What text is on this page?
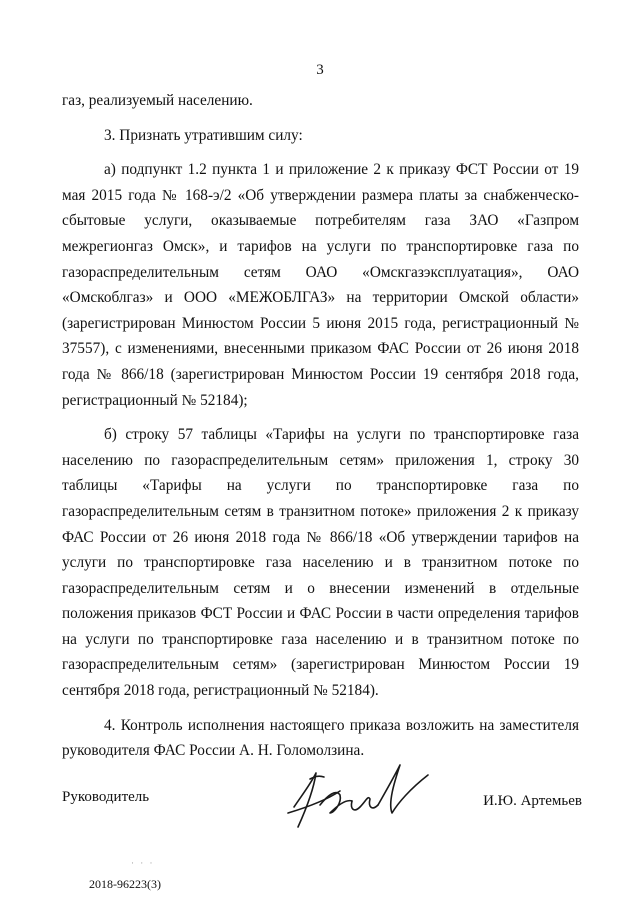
3

газ, реализуемый населению.

3. Признать утратившим силу:

а) подпункт 1.2 пункта 1 и приложение 2 к приказу ФСТ России от 19 мая 2015 года № 168-э/2 «Об утверждении размера платы за снабженческо-сбытовые услуги, оказываемые потребителям газа ЗАО «Газпром межрегионгаз Омск», и тарифов на услуги по транспортировке газа по газораспределительным сетям ОАО «Омскгазэксплуатация», ОАО «Омскоблгаз» и ООО «МЕЖОБЛГАЗ» на территории Омской области» (зарегистрирован Минюстом России 5 июня 2015 года, регистрационный № 37557), с изменениями, внесенными приказом ФАС России от 26 июня 2018 года № 866/18 (зарегистрирован Минюстом России 19 сентября 2018 года, регистрационный № 52184);

б) строку 57 таблицы «Тарифы на услуги по транспортировке газа населению по газораспределительным сетям» приложения 1, строку 30 таблицы «Тарифы на услуги по транспортировке газа по газораспределительным сетям в транзитном потоке» приложения 2 к приказу ФАС России от 26 июня 2018 года № 866/18 «Об утверждении тарифов на услуги по транспортировке газа населению и в транзитном потоке по газораспределительным сетям и о внесении изменений в отдельные положения приказов ФСТ России и ФАС России в части определения тарифов на услуги по транспортировке газа населению и в транзитном потоке по газораспределительным сетям» (зарегистрирован Минюстом России 19 сентября 2018 года, регистрационный № 52184).

4. Контроль исполнения настоящего приказа возложить на заместителя руководителя ФАС России А. Н. Голомолзина.

Руководитель	И.Ю. Артемьев
· · ·
2018-96223(3)
